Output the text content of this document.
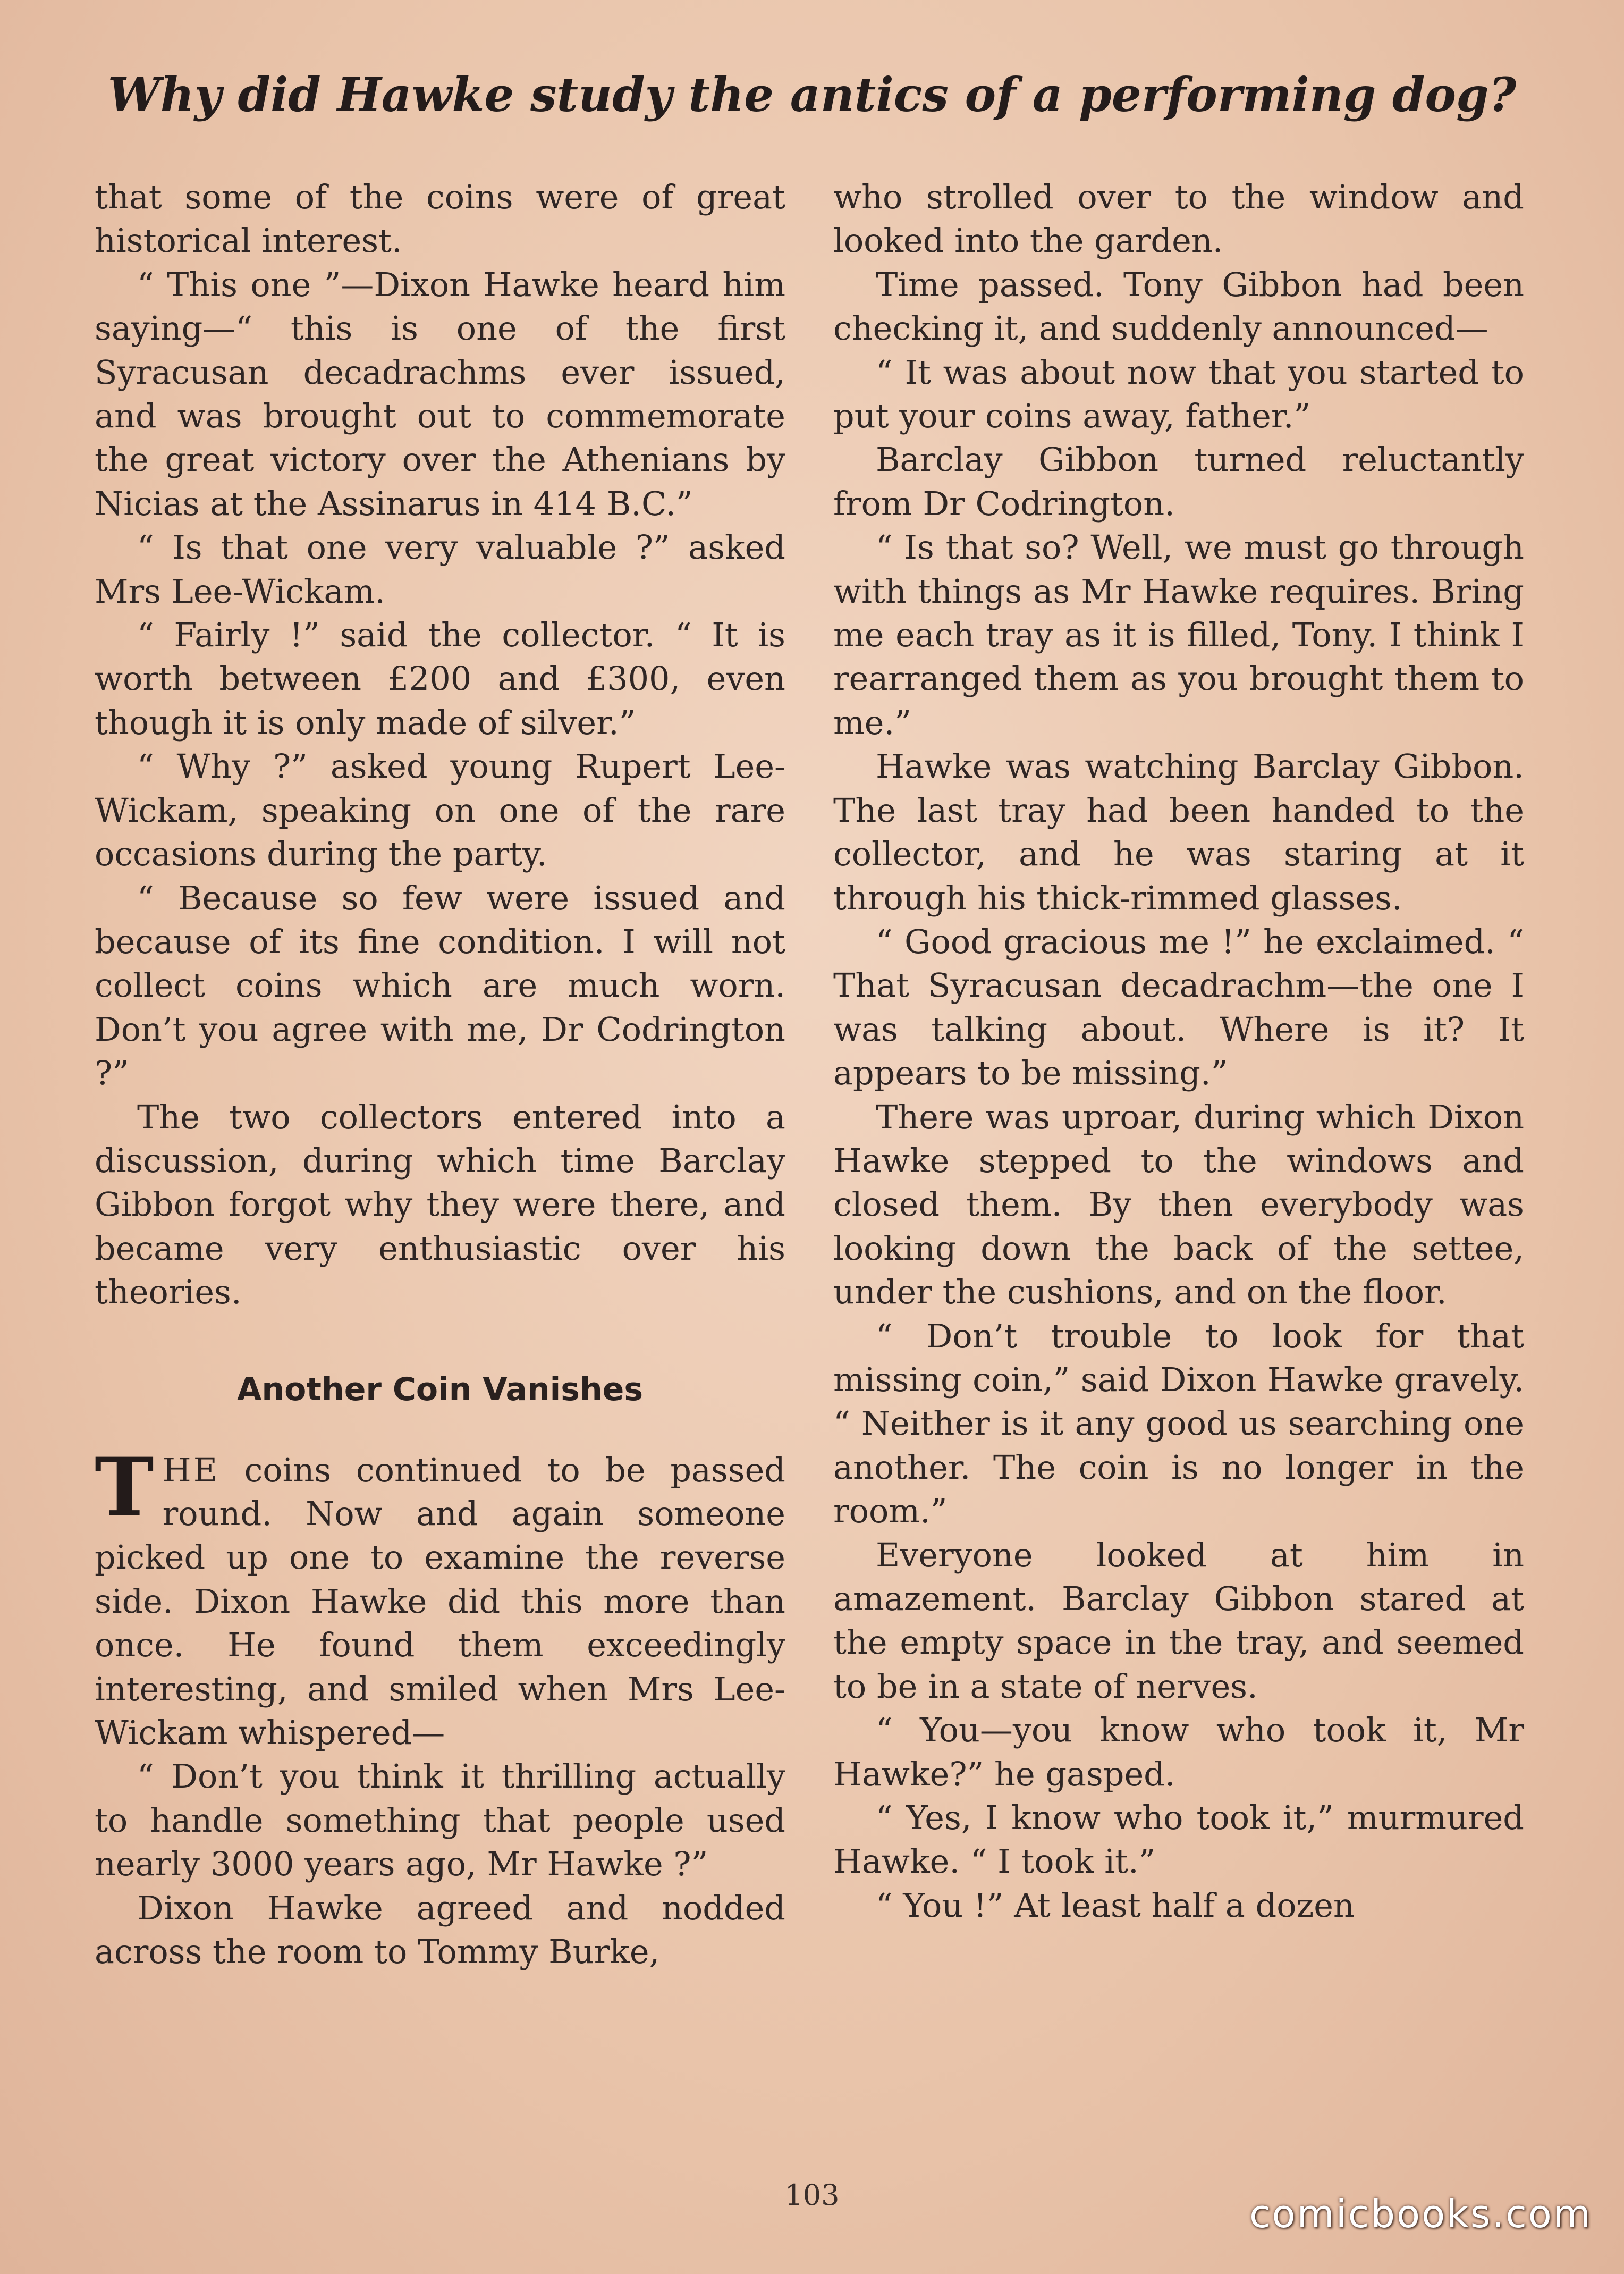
Why did Hawke study the antics of a performing dog?

that some of the coins were of great historical interest.

“ This one ”—Dixon Hawke heard him saying—“ this is one of the first Syracusan decadrachms ever issued, and was brought out to commemorate the great victory over the Athenians by Nicias at the Assinarus in 414 B.C.”

“ Is that one very valuable ?” asked Mrs Lee-Wickam.

“ Fairly !” said the collector. “ It is worth between £200 and £300, even though it is only made of silver.”

“ Why ?” asked young Rupert Lee-Wickam, speaking on one of the rare occasions during the party.

“ Because so few were issued and because of its fine condition. I will not collect coins which are much worn. Don’t you agree with me, Dr Codrington ?”

The two collectors entered into a discussion, during which time Barclay Gibbon forgot why they were there, and became very enthusiastic over his theories.

Another Coin Vanishes

THE coins continued to be passed round. Now and again someone picked up one to examine the reverse side. Dixon Hawke did this more than once. He found them exceedingly interesting, and smiled when Mrs Lee-Wickam whispered—

“ Don’t you think it thrilling actually to handle something that people used nearly 3000 years ago, Mr Hawke ?”

Dixon Hawke agreed and nodded across the room to Tommy Burke,

who strolled over to the window and looked into the garden.

Time passed. Tony Gibbon had been checking it, and suddenly announced—

“ It was about now that you started to put your coins away, father.”

Barclay Gibbon turned reluctantly from Dr Codrington.

“ Is that so? Well, we must go through with things as Mr Hawke requires. Bring me each tray as it is filled, Tony. I think I rearranged them as you brought them to me.”

Hawke was watching Barclay Gibbon. The last tray had been handed to the collector, and he was staring at it through his thick-rimmed glasses.

“ Good gracious me !” he exclaimed. “ That Syracusan decadrachm—the one I was talking about. Where is it? It appears to be missing.”

There was uproar, during which Dixon Hawke stepped to the windows and closed them. By then everybody was looking down the back of the settee, under the cushions, and on the floor.

“ Don’t trouble to look for that missing coin,” said Dixon Hawke gravely. “ Neither is it any good us searching one another. The coin is no longer in the room.”

Everyone looked at him in amazement. Barclay Gibbon stared at the empty space in the tray, and seemed to be in a state of nerves.

“ You—you know who took it, Mr Hawke?” he gasped.

“ Yes, I know who took it,” murmured Hawke. “ I took it.”

“ You !” At least half a dozen

103	comicbooks.com
